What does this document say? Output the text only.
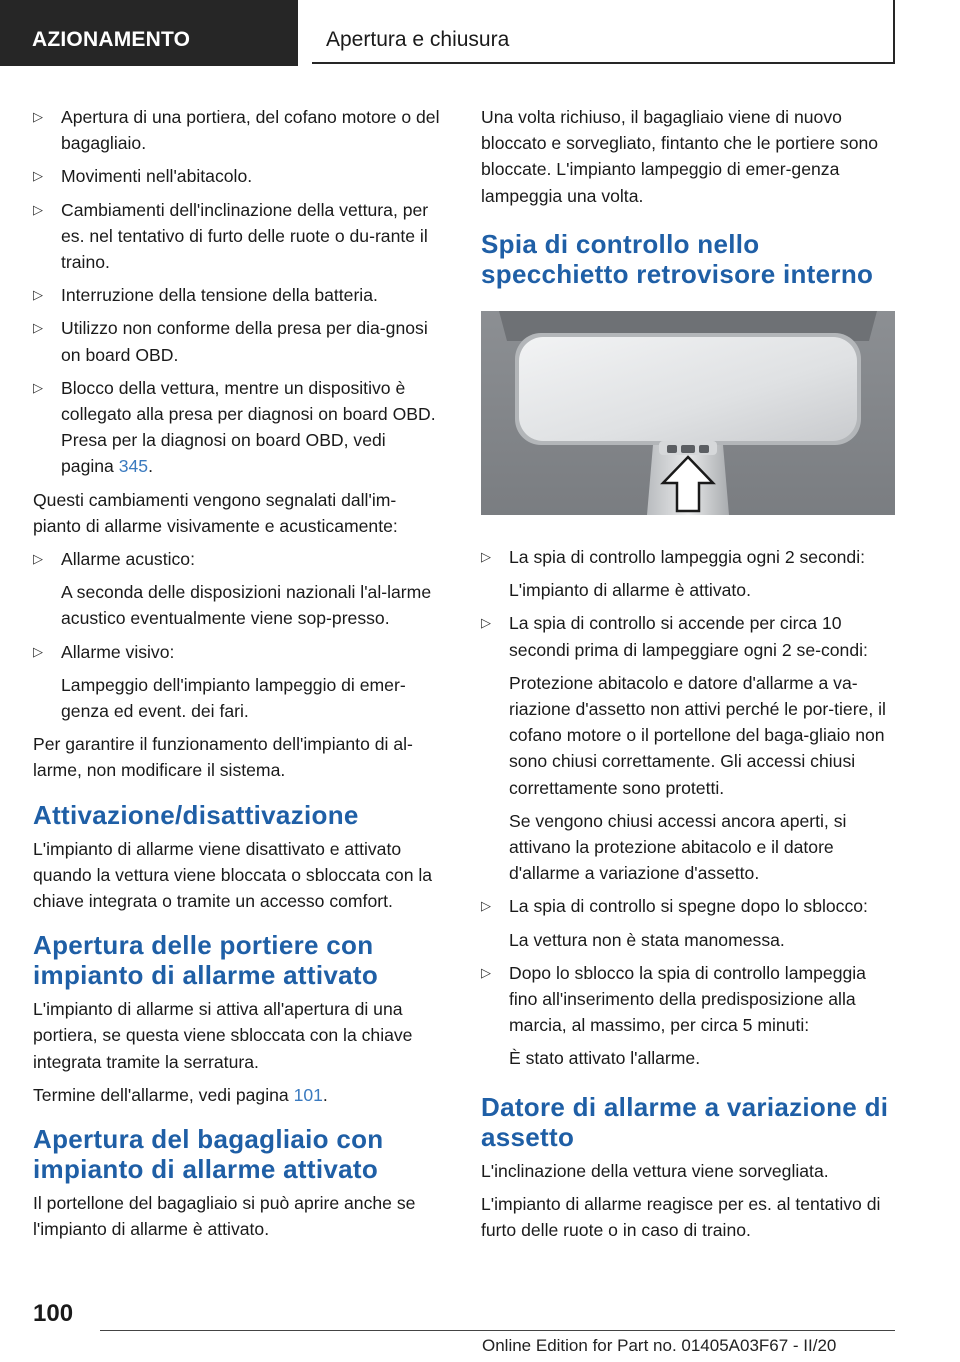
AZIONAMENTO	Apertura e chiusura
▷	Apertura di una portiera, del cofano motore o del bagagliaio.
▷	Movimenti nell'abitacolo.
▷	Cambiamenti dell'inclinazione della vettura, per es. nel tentativo di furto delle ruote o du-rante il traino.
▷	Interruzione della tensione della batteria.
▷	Utilizzo non conforme della presa per dia-gnosi on board OBD.
▷	Blocco della vettura, mentre un dispositivo è collegato alla presa per diagnosi on board OBD. Presa per la diagnosi on board OBD, vedi pagina 345.
Questi cambiamenti vengono segnalati dall'im-pianto di allarme visivamente e acusticamente:
▷	Allarme acustico:
A seconda delle disposizioni nazionali l'al-larme acustico eventualmente viene sop-presso.
▷	Allarme visivo:
Lampeggio dell'impianto lampeggio di emer-genza ed event. dei fari.
Per garantire il funzionamento dell'impianto di al-larme, non modificare il sistema.
Attivazione/disattivazione
L'impianto di allarme viene disattivato e attivato quando la vettura viene bloccata o sbloccata con la chiave integrata o tramite un accesso comfort.
Apertura delle portiere con impianto di allarme attivato
L'impianto di allarme si attiva all'apertura di una portiera, se questa viene sbloccata con la chiave integrata tramite la serratura.
Termine dell'allarme, vedi pagina 101.
Apertura del bagagliaio con impianto di allarme attivato
Il portellone del bagagliaio si può aprire anche se l'impianto di allarme è attivato.
Una volta richiuso, il bagagliaio viene di nuovo bloccato e sorvegliato, fintanto che le portiere sono bloccate. L'impianto lampeggio di emer-genza lampeggia una volta.
Spia di controllo nello specchietto retrovisore interno
▷	La spia di controllo lampeggia ogni 2 secondi:
L'impianto di allarme è attivato.
▷	La spia di controllo si accende per circa 10 secondi prima di lampeggiare ogni 2 se-condi:
Protezione abitacolo e datore d'allarme a va-riazione d'assetto non attivi perché le por-tiere, il cofano motore o il portellone del baga-gliaio non sono chiusi correttamente. Gli accessi chiusi correttamente sono protetti.
Se vengono chiusi accessi ancora aperti, si attivano la protezione abitacolo e il datore d'allarme a variazione d'assetto.
▷	La spia di controllo si spegne dopo lo sblocco:
La vettura non è stata manomessa.
▷	Dopo lo sblocco la spia di controllo lampeggia fino all'inserimento della predisposizione alla marcia, al massimo, per circa 5 minuti:
È stato attivato l'allarme.
Datore di allarme a variazione di assetto
L'inclinazione della vettura viene sorvegliata.
L'impianto di allarme reagisce per es. al tentativo di furto delle ruote o in caso di traino.
100
Online Edition for Part no. 01405A03F67 - II/20
